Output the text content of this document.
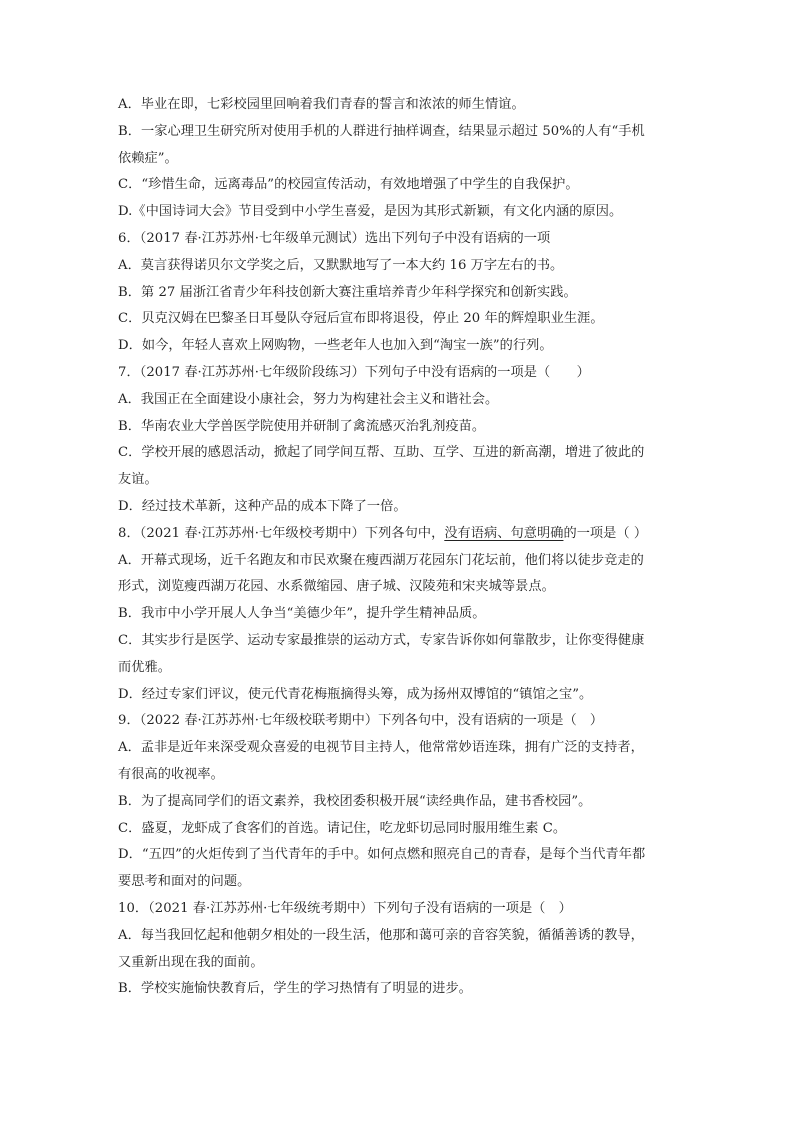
A．毕业在即，七彩校园里回响着我们青春的誓言和浓浓的师生情谊。
B．一家心理卫生研究所对使用手机的人群进行抽样调查，结果显示超过 50%的人有“手机
依赖症”。
C．“珍惜生命，远离毒品”的校园宣传活动，有效地增强了中学生的自我保护。
D.《中国诗词大会》节目受到中小学生喜爱，是因为其形式新颖，有文化内涵的原因。
6．（2017 春·江苏苏州·七年级单元测试）选出下列句子中没有语病的一项
A．莫言获得诺贝尔文学奖之后，又默默地写了一本大约 16 万字左右的书。
B．第 27 届浙江省青少年科技创新大赛注重培养青少年科学探究和创新实践。
C．贝克汉姆在巴黎圣日耳曼队夺冠后宣布即将退役，停止 20 年的辉煌职业生涯。
D．如今，年轻人喜欢上网购物，一些老年人也加入到“淘宝一族”的行列。
7．（2017 春·江苏苏州·七年级阶段练习）下列句子中没有语病的一项是（　　）
A．我国正在全面建设小康社会，努力为构建社会主义和谐社会。
B．华南农业大学兽医学院使用并研制了禽流感灭治乳剂疫苗。
C．学校开展的感恩活动，掀起了同学间互帮、互助、互学、互进的新高潮，增进了彼此的
友谊。
D．经过技术革新，这种产品的成本下降了一倍。
8．（2021 春·江苏苏州·七年级校考期中）下列各句中，没有语病、句意明确的一项是（ ）
A．开幕式现场，近千名跑友和市民欢聚在瘦西湖万花园东门花坛前，他们将以徒步竞走的
形式，浏览瘦西湖万花园、水系微缩园、唐子城、汉陵苑和宋夹城等景点。
B．我市中小学开展人人争当“美德少年”，提升学生精神品质。
C．其实步行是医学、运动专家最推崇的运动方式，专家告诉你如何靠散步，让你变得健康
而优雅。
D．经过专家们评议，使元代青花梅瓶摘得头筹，成为扬州双博馆的“镇馆之宝”。
9．（2022 春·江苏苏州·七年级校联考期中）下列各句中，没有语病的一项是（　）
A．孟非是近年来深受观众喜爱的电视节目主持人，他常常妙语连珠，拥有广泛的支持者，
有很高的收视率。
B．为了提高同学们的语文素养，我校团委积极开展“读经典作品，建书香校园”。
C．盛夏，龙虾成了食客们的首选。请记住，吃龙虾切忌同时服用维生素 C。
D．“五四”的火炬传到了当代青年的手中。如何点燃和照亮自己的青春，是每个当代青年都
要思考和面对的问题。
10．（2021 春·江苏苏州·七年级统考期中）下列句子没有语病的一项是（　）
A．每当我回忆起和他朝夕相处的一段生活，他那和蔼可亲的音容笑貌，循循善诱的教导，
又重新出现在我的面前。
B．学校实施愉快教育后，学生的学习热情有了明显的进步。
